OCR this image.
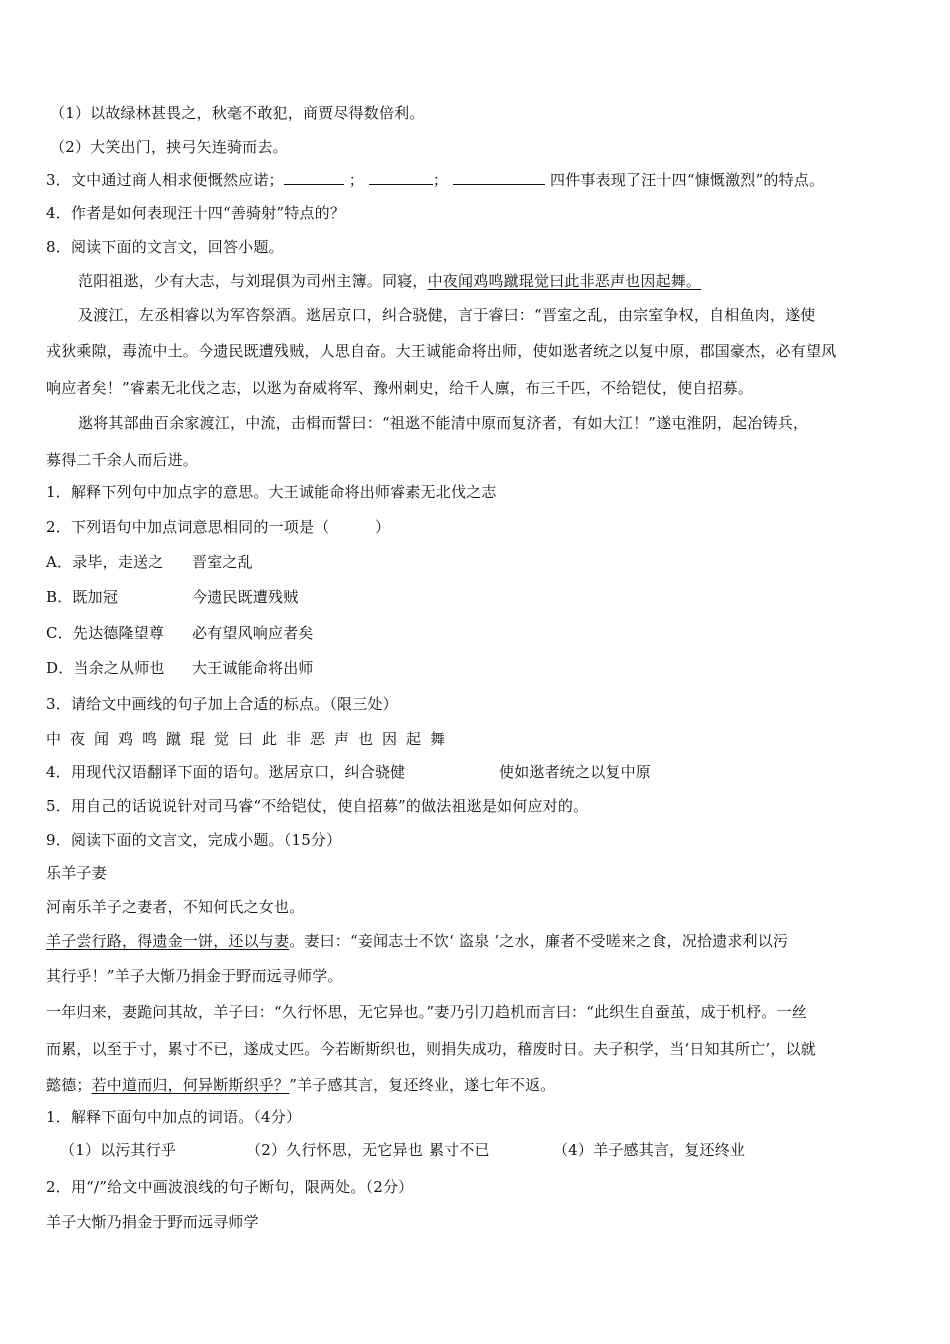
（1）以故绿林甚畏之，秋毫不敢犯，商贾尽得数倍利。
（2）大笑出门，挟弓矢连骑而去。
3．文中通过商人相求便慨然应诺；	；	；	四件事表现了汪十四“慷慨激烈”的特点。
4．作者是如何表现汪十四“善骑射”特点的？
8．阅读下面的文言文，回答小题。
范阳祖逖，少有大志，与刘琨俱为司州主簿。同寝，中夜闻鸡鸣蹴琨觉曰此非恶声也因起舞。
及渡江，左丞相睿以为军咨祭酒。逖居京口，纠合骁健，言于睿曰：“晋室之乱，由宗室争权，自相鱼肉，遂使
戎狄乘隙，毒流中土。今遗民既遭残贼，人思自奋。大王诚能命将出师，使如逖者统之以复中原，郡国豪杰，必有望风
响应者矣！”睿素无北伐之志，以逖为奋威将军、豫州刺史，给千人廪，布三千匹，不给铠仗，使自招募。
逖将其部曲百余家渡江，中流，击楫而誓曰：“祖逖不能清中原而复济者，有如大江！”遂屯淮阴，起冶铸兵，
募得二千余人而后进。
1．解释下列句中加点字的意思。大王诚能命将出师睿素无北伐之志
2．下列语句中加点词意思相同的一项是（　　　）
A．录毕，走送之 晋室之乱
B．既加冠	今遗民既遭残贼
C．先达德隆望尊 必有望风响应者矣
D．当余之从师也 大王诚能命将出师
3．请给文中画线的句子加上合适的标点。（限三处）
中夜闻鸡鸣蹴琨觉曰此非恶声也因起舞
4．用现代汉语翻译下面的语句。逖居京口，纠合骁健	使如逖者统之以复中原
5．用自己的话说说针对司马睿“不给铠仗，使自招募”的做法祖逖是如何应对的。
9．阅读下面的文言文，完成小题。（15分）
乐羊子妻
河南乐羊子之妻者，不知何氏之女也。
羊子尝行路，得遗金一饼，还以与妻。妻曰：“妾闻志士不饮‘ 盗泉 ’之水，廉者不受嗟来之食，况拾遗求利以污
其行乎！”羊子大惭乃捐金于野而远寻师学。
一年归来，妻跪问其故，羊子曰：“久行怀思，无它异也。”妻乃引刀趋机而言曰：“此织生自蚕茧，成于机杼。一丝
而累，以至于寸，累寸不已，遂成丈匹。今若断斯织也，则捐失成功，稽废时日。夫子积学，当‘日知其所亡’，以就
懿德；若中道而归，何异断斯织乎？”羊子感其言，复还终业，遂七年不返。
1．解释下面句中加点的词语。（4分）
（1）以污其行乎	（2）久行怀思，无它异也 累寸不已	（4）羊子感其言，复还终业
2．用“/”给文中画波浪线的句子断句，限两处。（2分）
羊子大惭乃捐金于野而远寻师学
